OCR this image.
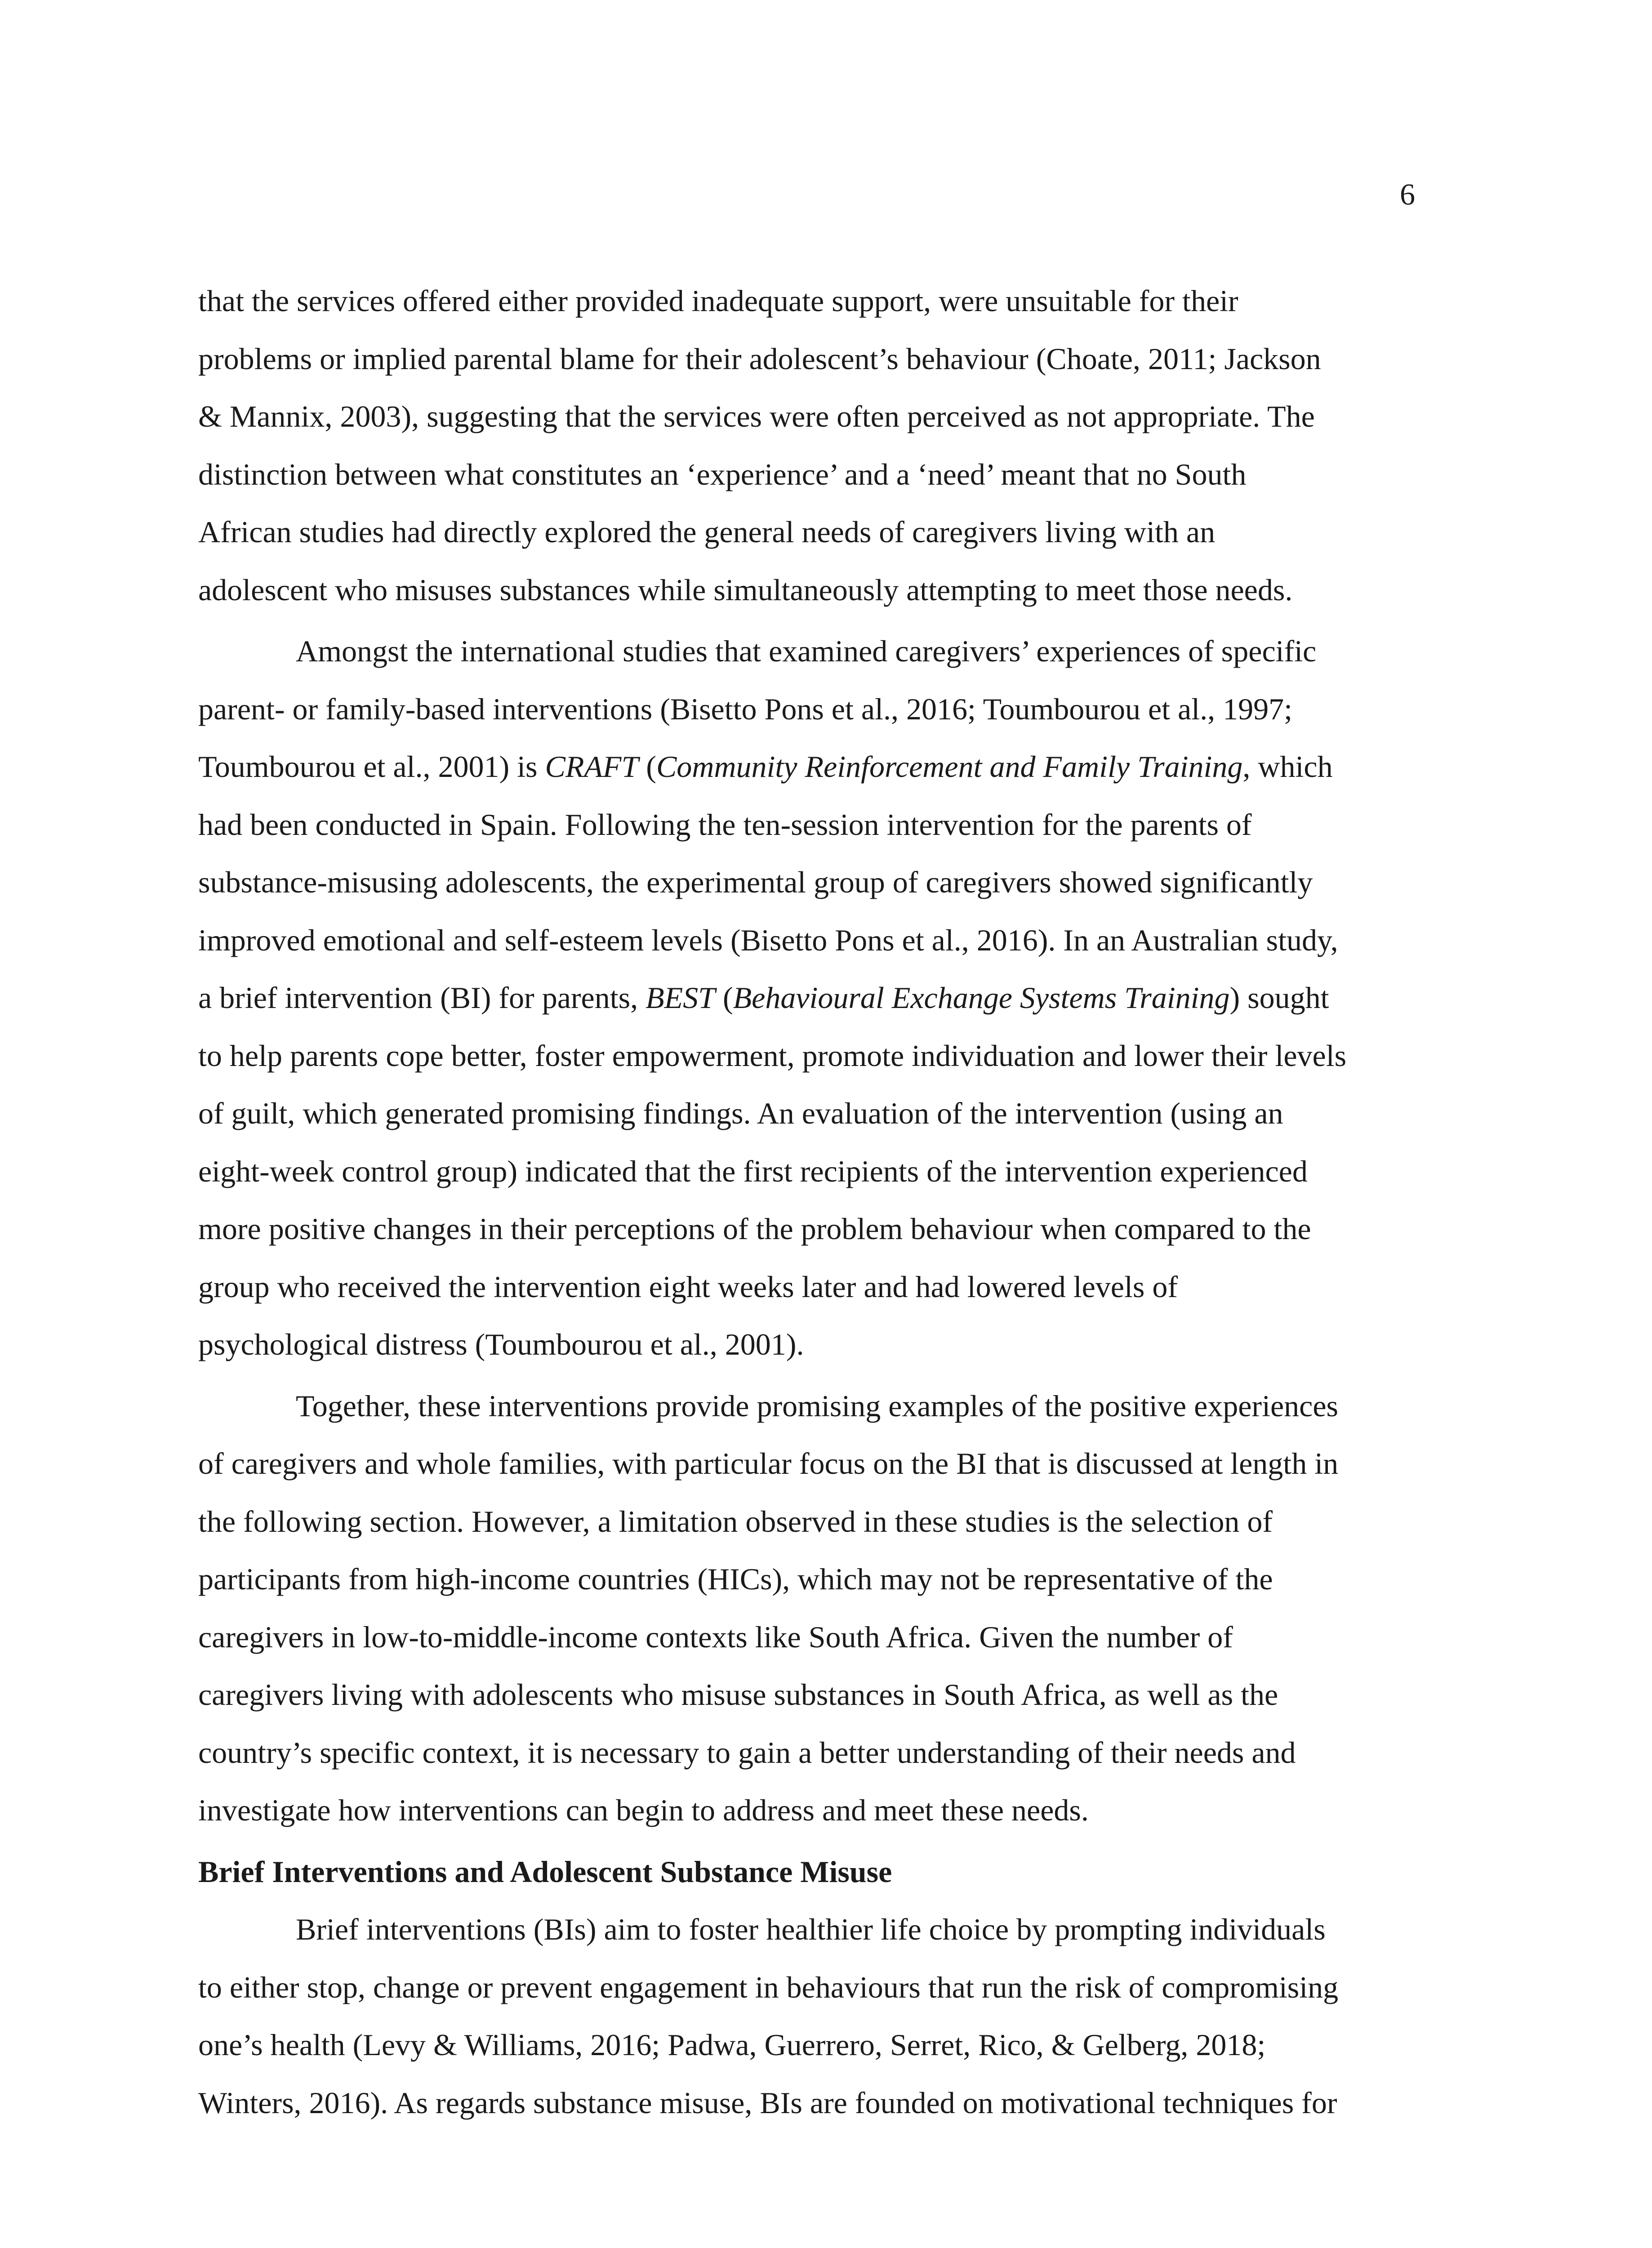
6
that the services offered either provided inadequate support, were unsuitable for their
problems or implied parental blame for their adolescent’s behaviour (Choate, 2011; Jackson
& Mannix, 2003), suggesting that the services were often perceived as not appropriate. The
distinction between what constitutes an ‘experience’ and a ‘need’ meant that no South
African studies had directly explored the general needs of caregivers living with an
adolescent who misuses substances while simultaneously attempting to meet those needs.
Amongst the international studies that examined caregivers’ experiences of specific
parent- or family-based interventions (Bisetto Pons et al., 2016; Toumbourou et al., 1997;
Toumbourou et al., 2001) is CRAFT (Community Reinforcement and Family Training, which
had been conducted in Spain. Following the ten-session intervention for the parents of
substance-misusing adolescents, the experimental group of caregivers showed significantly
improved emotional and self-esteem levels (Bisetto Pons et al., 2016). In an Australian study,
a brief intervention (BI) for parents, BEST (Behavioural Exchange Systems Training) sought
to help parents cope better, foster empowerment, promote individuation and lower their levels
of guilt, which generated promising findings. An evaluation of the intervention (using an
eight-week control group) indicated that the first recipients of the intervention experienced
more positive changes in their perceptions of the problem behaviour when compared to the
group who received the intervention eight weeks later and had lowered levels of
psychological distress (Toumbourou et al., 2001).
Together, these interventions provide promising examples of the positive experiences
of caregivers and whole families, with particular focus on the BI that is discussed at length in
the following section. However, a limitation observed in these studies is the selection of
participants from high-income countries (HICs), which may not be representative of the
caregivers in low-to-middle-income contexts like South Africa. Given the number of
caregivers living with adolescents who misuse substances in South Africa, as well as the
country’s specific context, it is necessary to gain a better understanding of their needs and
investigate how interventions can begin to address and meet these needs.
Brief Interventions and Adolescent Substance Misuse
Brief interventions (BIs) aim to foster healthier life choice by prompting individuals
to either stop, change or prevent engagement in behaviours that run the risk of compromising
one’s health (Levy & Williams, 2016; Padwa, Guerrero, Serret, Rico, & Gelberg, 2018;
Winters, 2016). As regards substance misuse, BIs are founded on motivational techniques for
